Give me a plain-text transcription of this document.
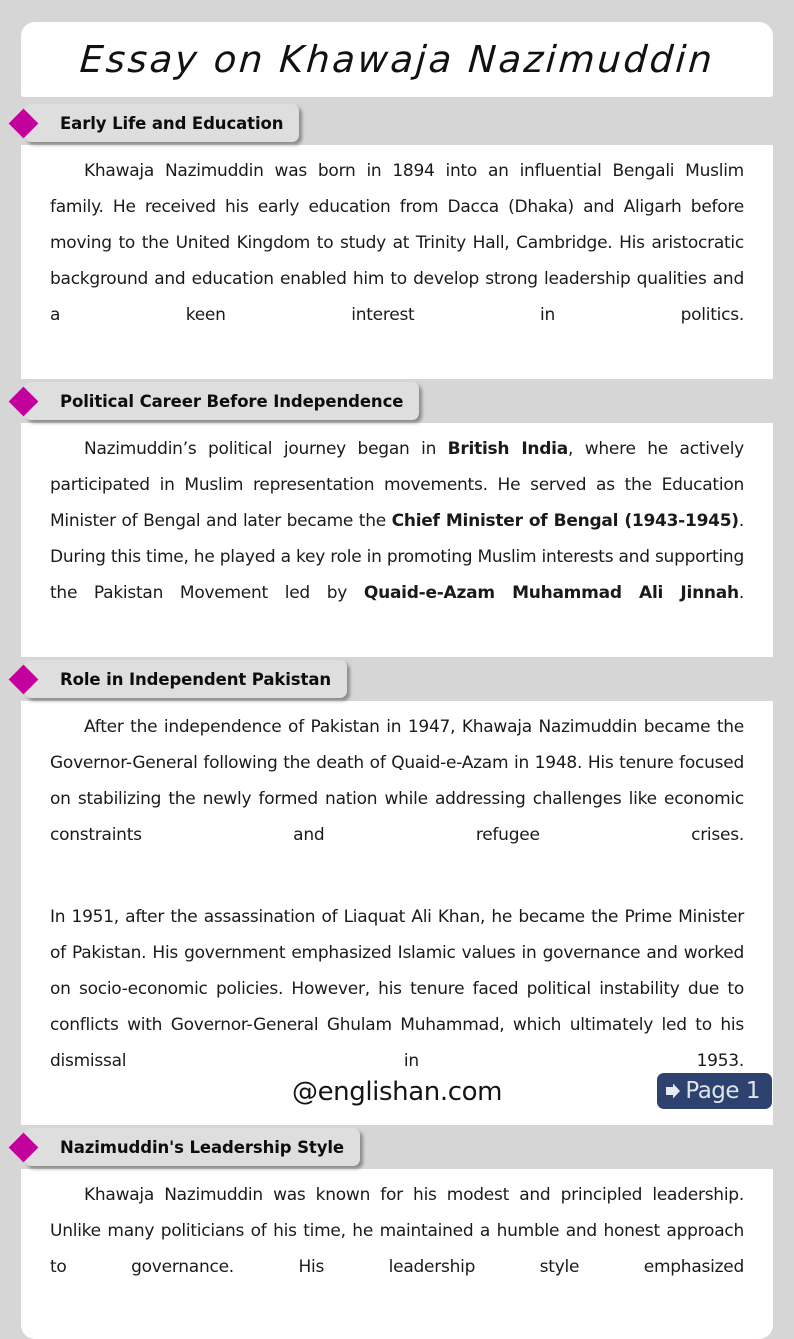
Essay on Khawaja Nazimuddin
Early Life and Education

Khawaja Nazimuddin was born in 1894 into an influential Bengali Muslim family. He received his early education from Dacca (Dhaka) and Aligarh before moving to the United Kingdom to study at Trinity Hall, Cambridge. His aristocratic background and education enabled him to develop strong leadership qualities and a keen interest in politics.

Political Career Before Independence

Nazimuddin’s political journey began in British India, where he actively participated in Muslim representation movements. He served as the Education Minister of Bengal and later became the Chief Minister of Bengal (1943-1945). During this time, he played a key role in promoting Muslim interests and supporting the Pakistan Movement led by Quaid-e-Azam Muhammad Ali Jinnah.

Role in Independent Pakistan

After the independence of Pakistan in 1947, Khawaja Nazimuddin became the Governor-General following the death of Quaid-e-Azam in 1948. His tenure focused on stabilizing the newly formed nation while addressing challenges like economic constraints and refugee crises.

In 1951, after the assassination of Liaquat Ali Khan, he became the Prime Minister of Pakistan. His government emphasized Islamic values in governance and worked on socio-economic policies. However, his tenure faced political instability due to conflicts with Governor-General Ghulam Muhammad, which ultimately led to his dismissal in 1953.

Nazimuddin's Leadership Style

Khawaja Nazimuddin was known for his modest and principled leadership. Unlike many politicians of his time, he maintained a humble and honest approach to governance. His leadership style emphasized

@englishan.com	Page 1
